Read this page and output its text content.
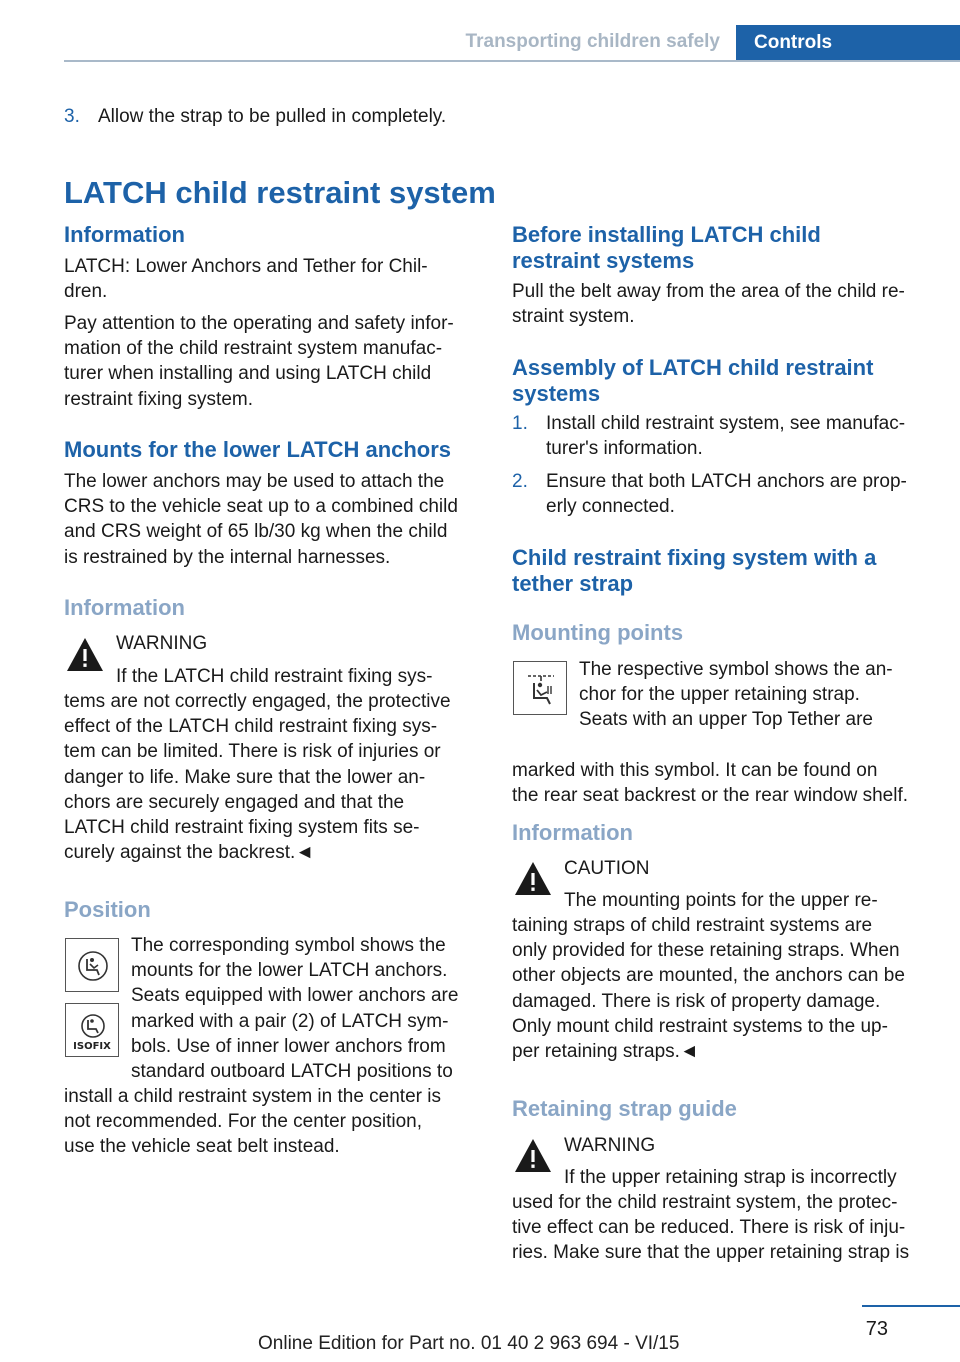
Transporting children safely	Controls
3. Allow the strap to be pulled in completely.
LATCH child restraint system
Information
LATCH: Lower Anchors and Tether for Chil-
dren.
Pay attention to the operating and safety infor-
mation of the child restraint system manufac-
turer when installing and using LATCH child
restraint fixing system.
Mounts for the lower LATCH anchors
The lower anchors may be used to attach the
CRS to the vehicle seat up to a combined child
and CRS weight of 65 lb/30 kg when the child
is restrained by the internal harnesses.
Information
WARNING
If the LATCH child restraint fixing sys-
tems are not correctly engaged, the protective
effect of the LATCH child restraint fixing sys-
tem can be limited. There is risk of injuries or
danger to life. Make sure that the lower an-
chors are securely engaged and that the
LATCH child restraint fixing system fits se-
curely against the backrest.◄
Position
ISOFIX
The corresponding symbol shows the
mounts for the lower LATCH anchors.
Seats equipped with lower anchors are
marked with a pair (2) of LATCH sym-
bols. Use of inner lower anchors from
standard outboard LATCH positions to
install a child restraint system in the center is
not recommended. For the center position,
use the vehicle seat belt instead.
Before installing LATCH child
restraint systems
Pull the belt away from the area of the child re-
straint system.
Assembly of LATCH child restraint
systems
1. Install child restraint system, see manufac-
turer's information.
2. Ensure that both LATCH anchors are prop-
erly connected.
Child restraint fixing system with a
tether strap
Mounting points
The respective symbol shows the an-
chor for the upper retaining strap.
Seats with an upper Top Tether are
marked with this symbol. It can be found on
the rear seat backrest or the rear window shelf.
Information
CAUTION
The mounting points for the upper re-
taining straps of child restraint systems are
only provided for these retaining straps. When
other objects are mounted, the anchors can be
damaged. There is risk of property damage.
Only mount child restraint systems to the up-
per retaining straps.◄
Retaining strap guide
WARNING
If the upper retaining strap is incorrectly
used for the child restraint system, the protec-
tive effect can be reduced. There is risk of inju-
ries. Make sure that the upper retaining strap is
73
Online Edition for Part no. 01 40 2 963 694 - VI/15
